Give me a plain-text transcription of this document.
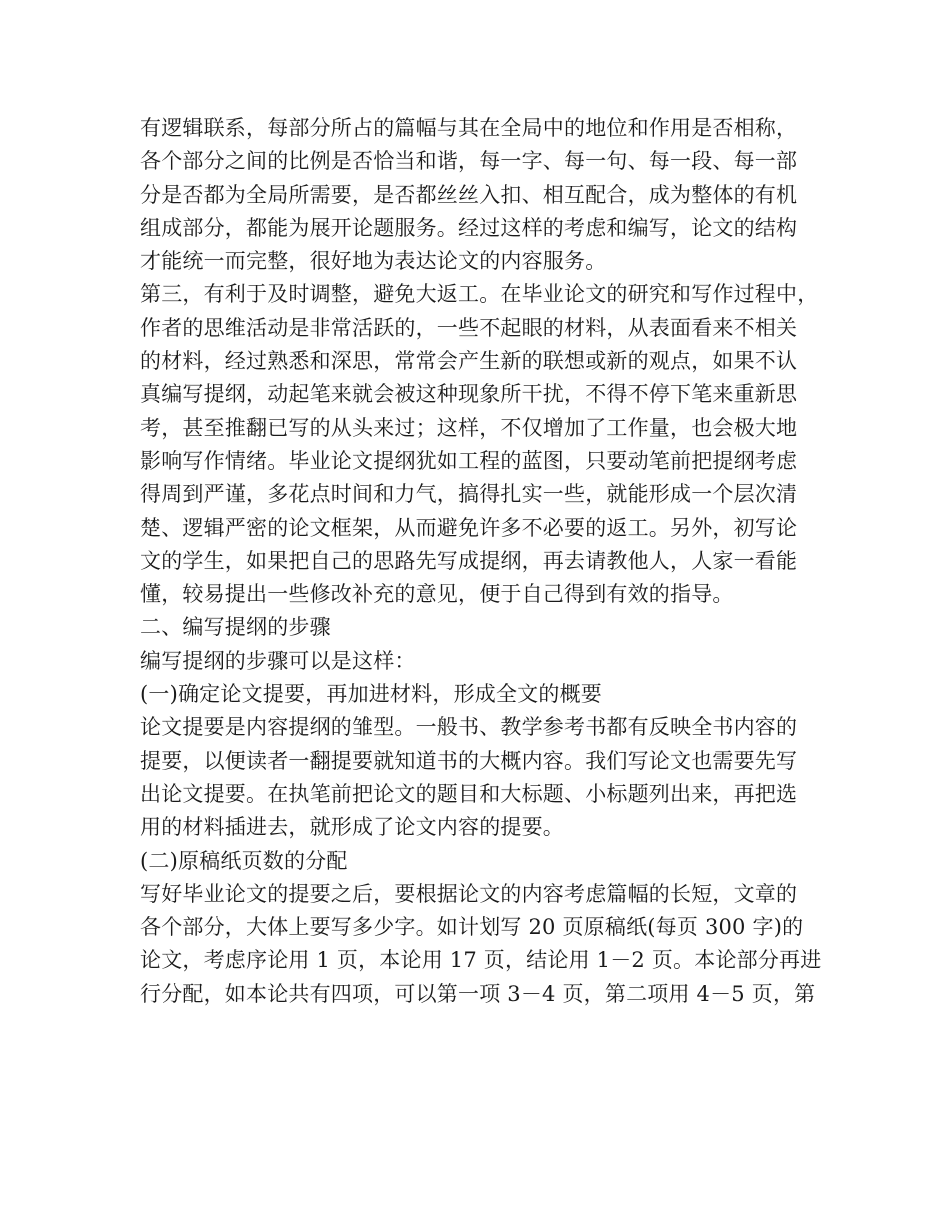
有逻辑联系，每部分所占的篇幅与其在全局中的地位和作用是否相称，
各个部分之间的比例是否恰当和谐，每一字、每一句、每一段、每一部
分是否都为全局所需要，是否都丝丝入扣、相互配合，成为整体的有机
组成部分，都能为展开论题服务。经过这样的考虑和编写，论文的结构
才能统一而完整，很好地为表达论文的内容服务。
第三，有利于及时调整，避免大返工。在毕业论文的研究和写作过程中，
作者的思维活动是非常活跃的，一些不起眼的材料，从表面看来不相关
的材料，经过熟悉和深思，常常会产生新的联想或新的观点，如果不认
真编写提纲，动起笔来就会被这种现象所干扰，不得不停下笔来重新思
考，甚至推翻已写的从头来过；这样，不仅增加了工作量，也会极大地
影响写作情绪。毕业论文提纲犹如工程的蓝图，只要动笔前把提纲考虑
得周到严谨，多花点时间和力气，搞得扎实一些，就能形成一个层次清
楚、逻辑严密的论文框架，从而避免许多不必要的返工。另外，初写论
文的学生，如果把自己的思路先写成提纲，再去请教他人，人家一看能
懂，较易提出一些修改补充的意见，便于自己得到有效的指导。
二、编写提纲的步骤
编写提纲的步骤可以是这样：
(一)确定论文提要，再加进材料，形成全文的概要
论文提要是内容提纲的雏型。一般书、教学参考书都有反映全书内容的
提要，以便读者一翻提要就知道书的大概内容。我们写论文也需要先写
出论文提要。在执笔前把论文的题目和大标题、小标题列出来，再把选
用的材料插进去，就形成了论文内容的提要。
(二)原稿纸页数的分配
写好毕业论文的提要之后，要根据论文的内容考虑篇幅的长短，文章的
各个部分，大体上要写多少字。如计划写 20 页原稿纸(每页 300 字)的
论文，考虑序论用 1 页，本论用 17 页，结论用 1－2 页。本论部分再进
行分配，如本论共有四项，可以第一项 3－4 页，第二项用 4－5 页，第
